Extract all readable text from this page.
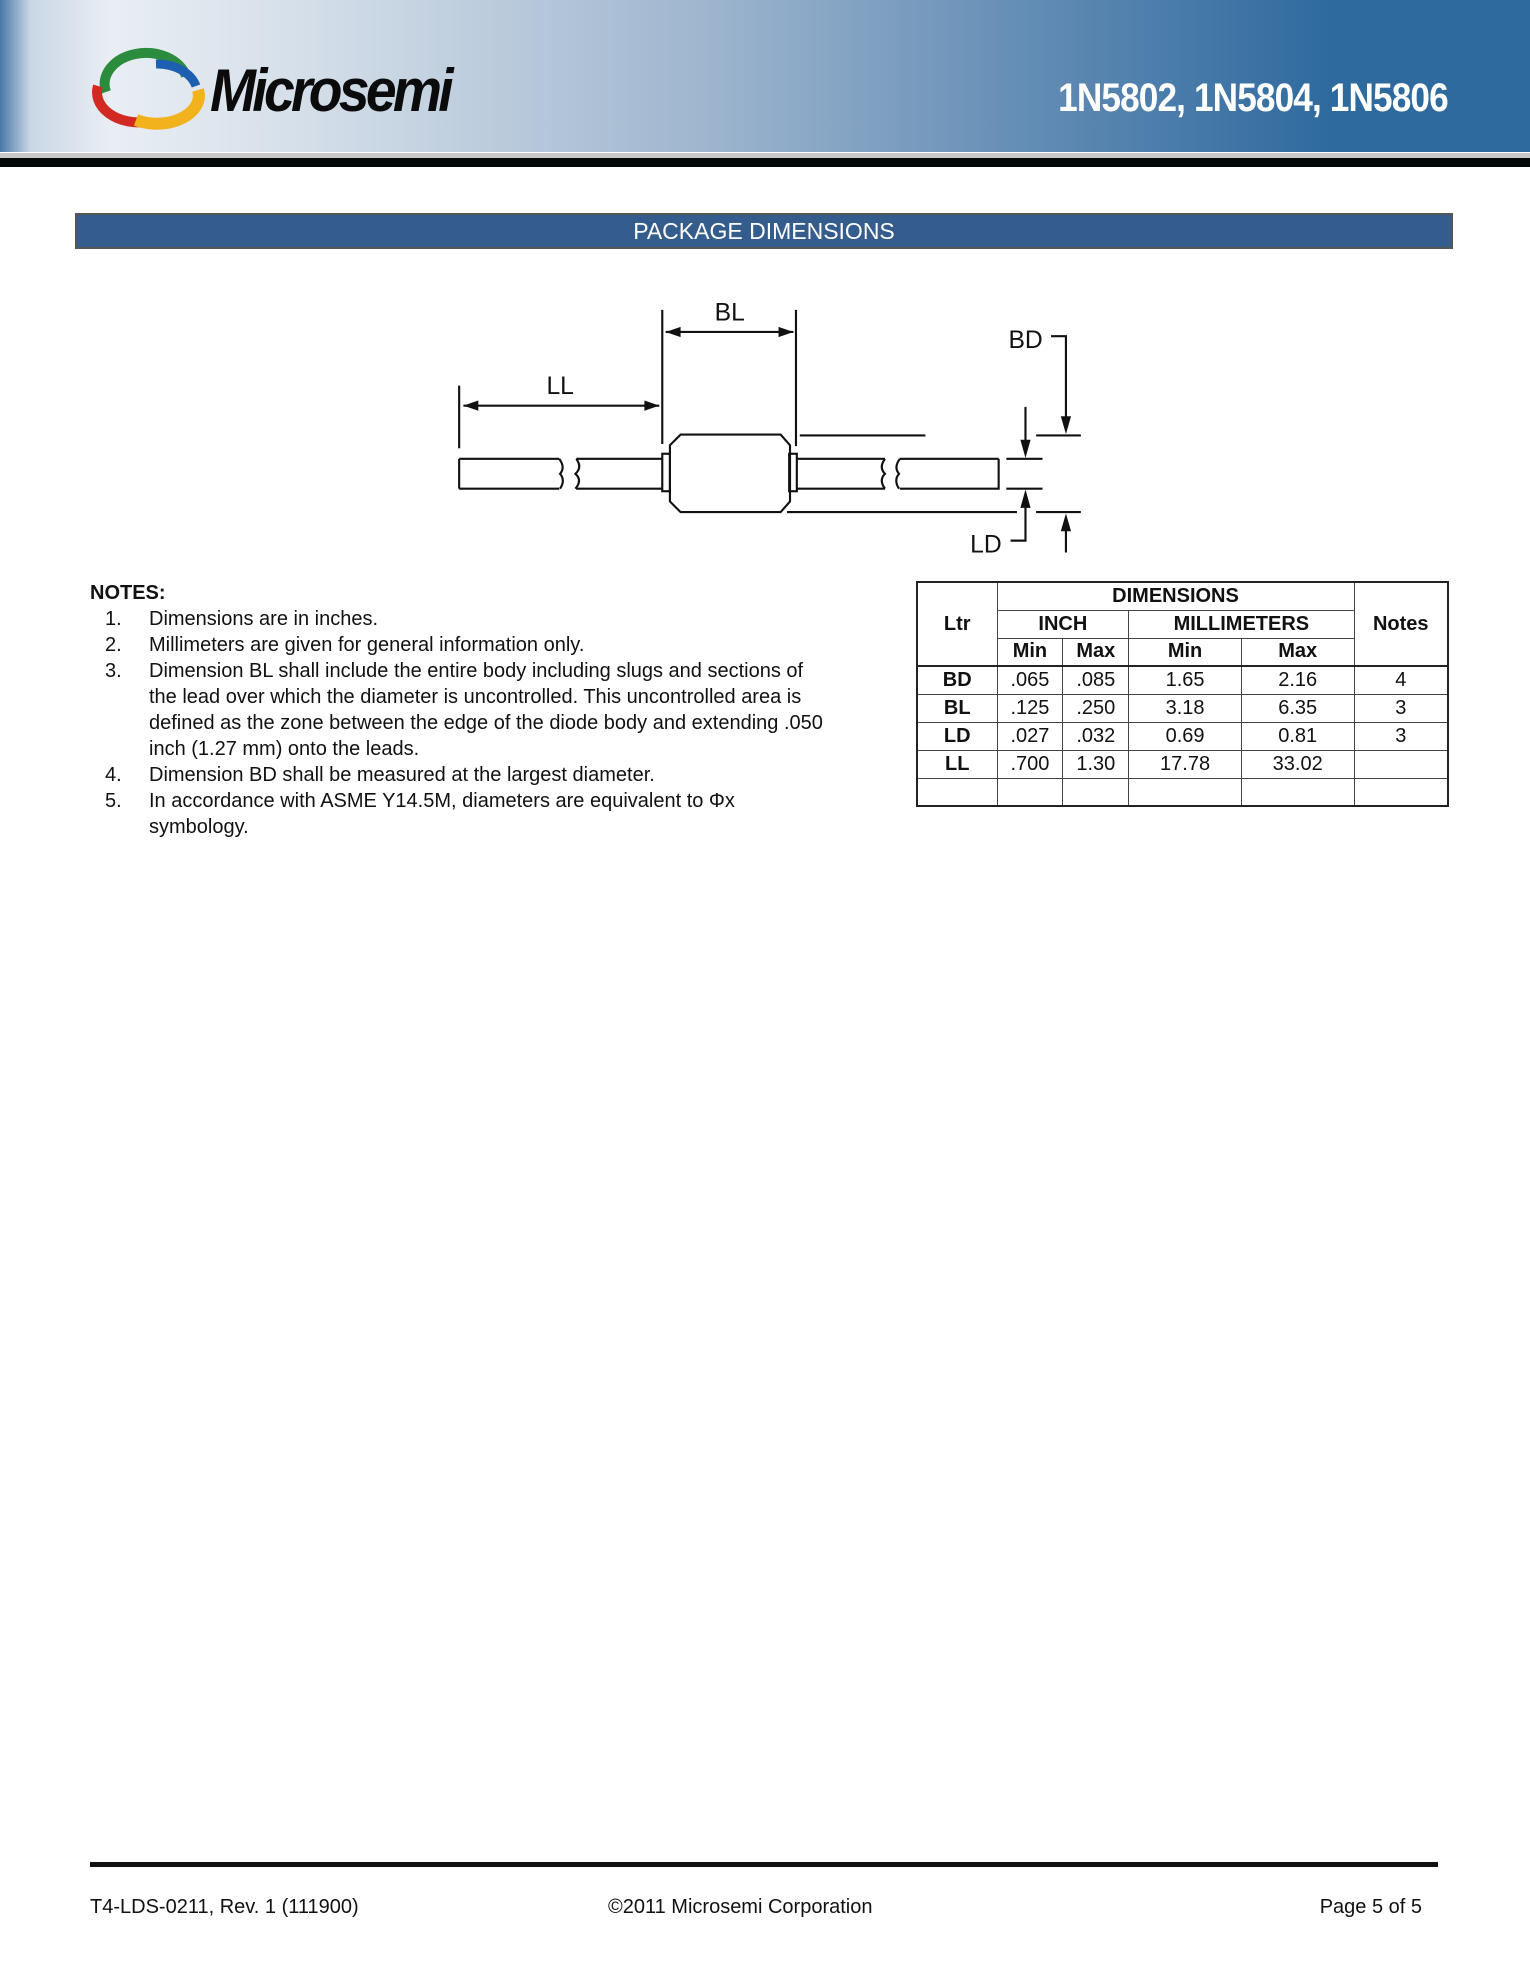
Microsemi	1N5802, 1N5804, 1N5806
PACKAGE DIMENSIONS
BL
LL
BD
LD
NOTES:
1.	Dimensions are in inches.
2.	Millimeters are given for general information only.
3.	Dimension BL shall include the entire body including slugs and sections of the lead over which the diameter is uncontrolled. This uncontrolled area is defined as the zone between the edge of the diode body and extending .050 inch (1.27 mm) onto the leads.
4.	Dimension BD shall be measured at the largest diameter.
5.	In accordance with ASME Y14.5M, diameters are equivalent to Φx symbology.
Ltr	DIMENSIONS				Notes
	INCH		MILLIMETERS		
	Min	Max	Min	Max	
BD	.065	.085	1.65	2.16	4
BL	.125	.250	3.18	6.35	3
LD	.027	.032	0.69	0.81	3
LL	.700	1.30	17.78	33.02	

T4-LDS-0211, Rev. 1 (111900)	©2011 Microsemi Corporation	Page 5 of 5
